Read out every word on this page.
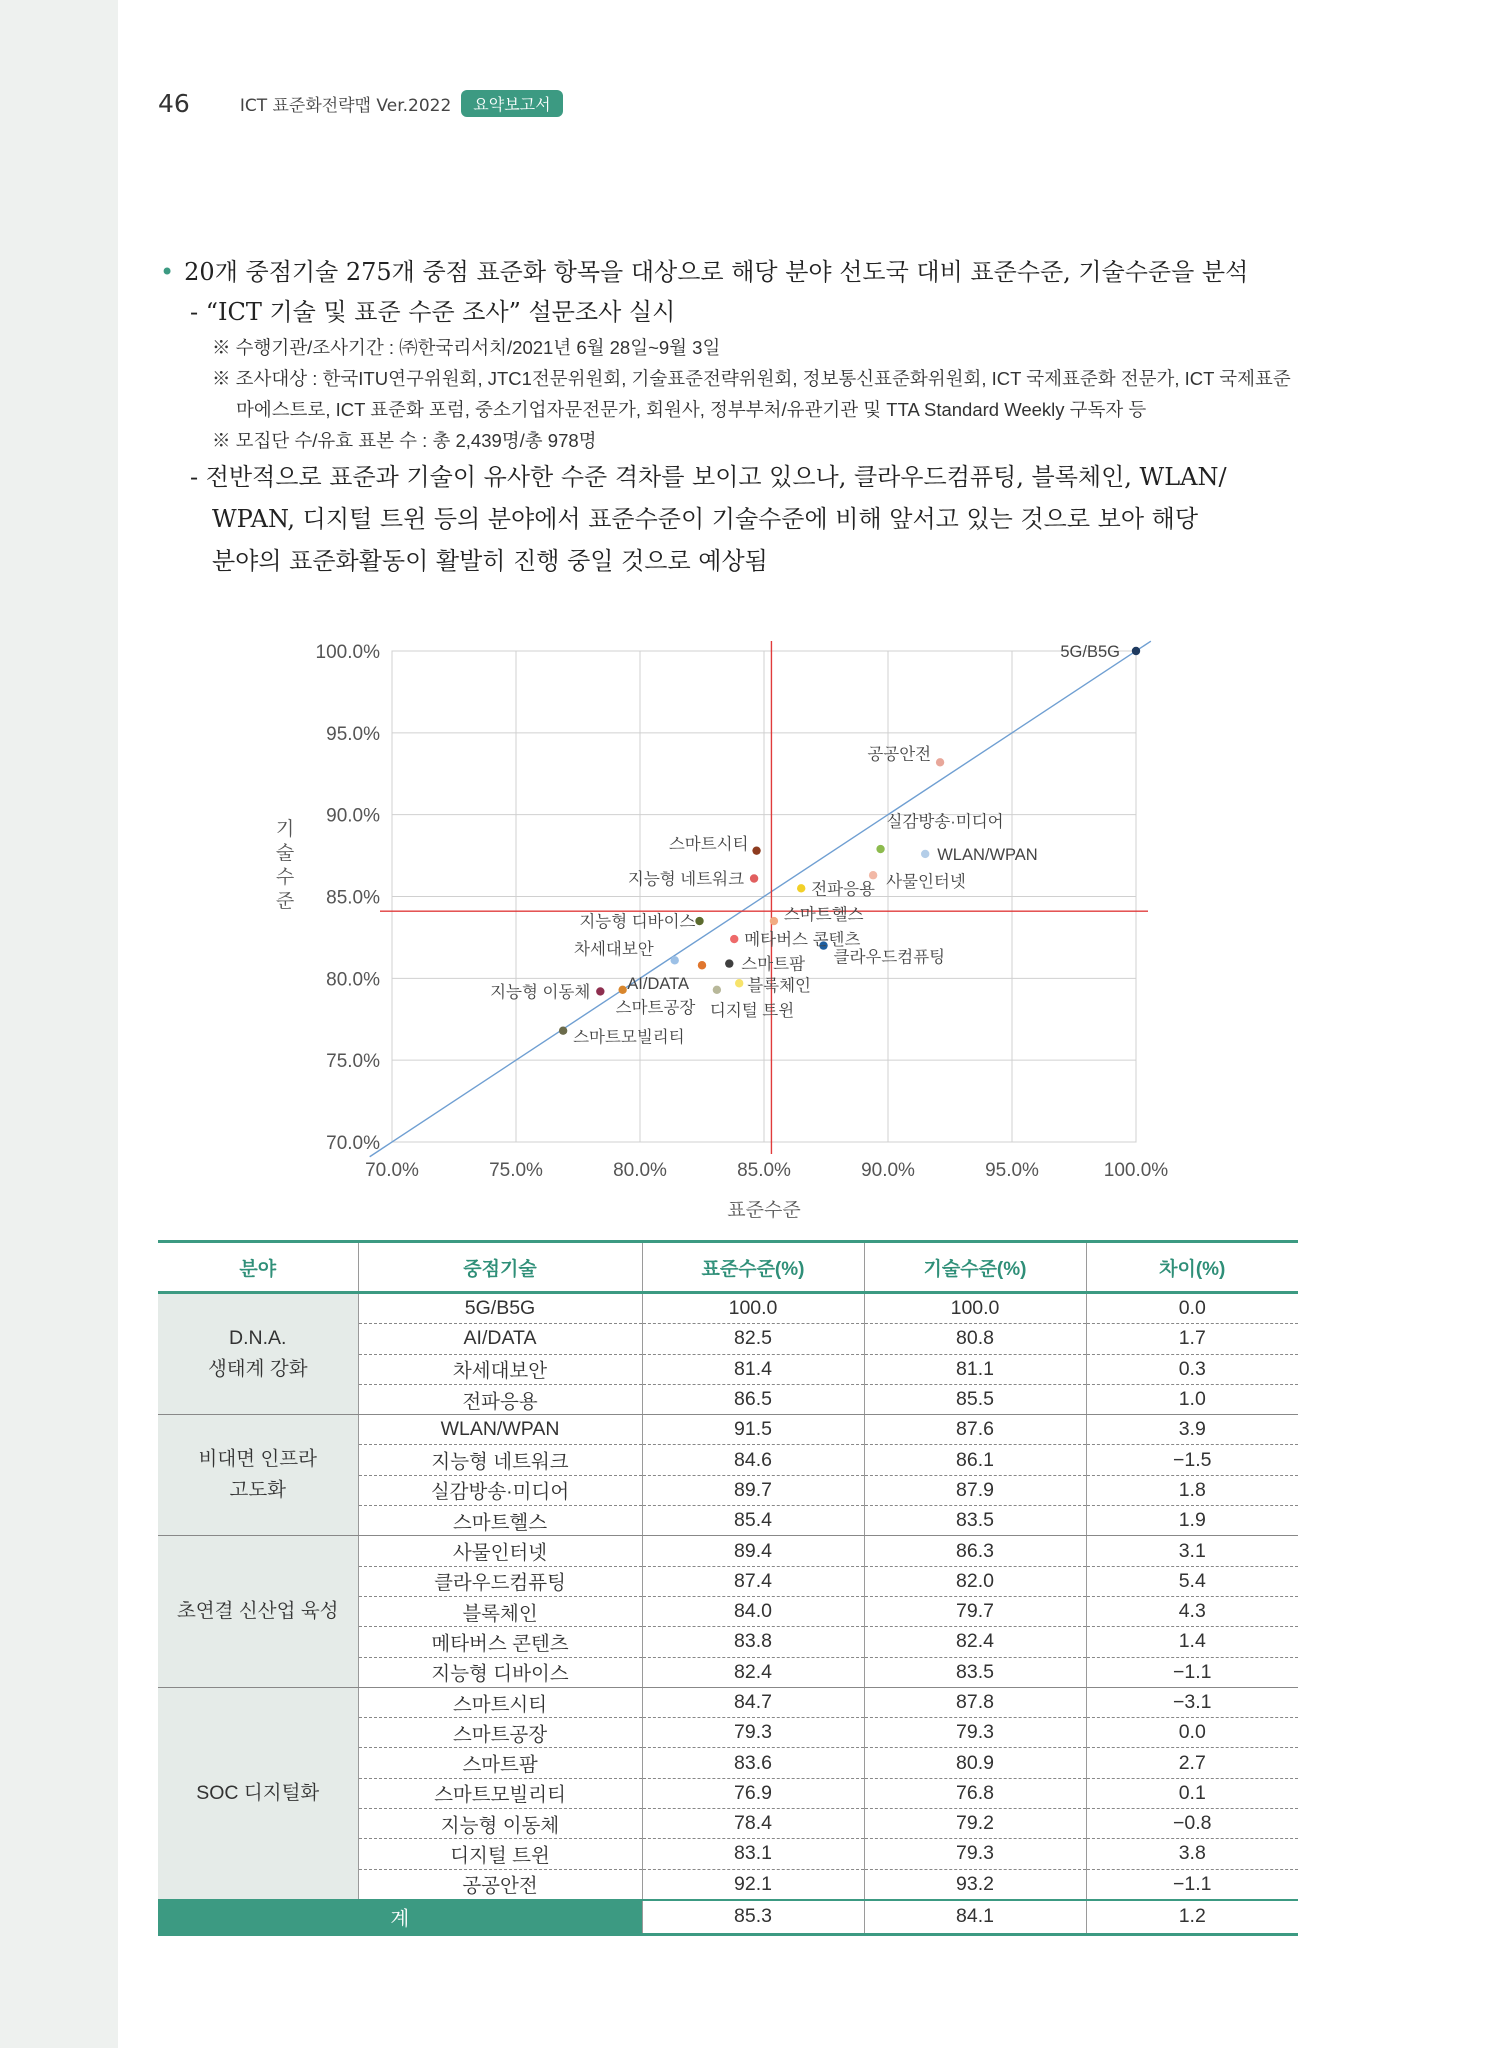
46	ICT 표준화전략맵 Ver.2022	요약보고서
• 20개 중점기술 275개 중점 표준화 항목을 대상으로 해당 분야 선도국 대비 표준수준, 기술수준을 분석
- “ICT 기술 및 표준 수준 조사” 설문조사 실시
※ 수행기관/조사기간 : ㈜한국리서치/2021년 6월 28일~9월 3일
※ 조사대상 : 한국ITU연구위원회, JTC1전문위원회, 기술표준전략위원회, 정보통신표준화위원회, ICT 국제표준화 전문가, ICT 국제표준
마에스트로, ICT 표준화 포럼, 중소기업자문전문가, 회원사, 정부부처/유관기관 및 TTA Standard Weekly 구독자 등
※ 모집단 수/유효 표본 수 : 총 2,439명/총 978명
- 전반적으로 표준과 기술이 유사한 수준 격차를 보이고 있으나, 클라우드컴퓨팅, 블록체인, WLAN/
WPAN, 디지털 트윈 등의 분야에서 표준수준이 기술수준에 비해 앞서고 있는 것으로 보아 해당
분야의 표준화활동이 활발히 진행 중일 것으로 예상됨
70.0%
70.0%
75.0%
75.0%
80.0%
80.0%
85.0%
85.0%
90.0%
90.0%
95.0%
95.0%
100.0%
100.0%	5G/B5G
AI/DATA
차세대보안
전파응용
WLAN/WPAN
지능형 네트워크
실감방송·미디어
스마트헬스
사물인터넷
클라우드컴퓨팅
블록체인
메타버스 콘텐츠
지능형 디바이스
스마트시티
스마트공장
스마트팜
스마트모빌리티
지능형 이동체
디지털 트윈
공공안전
표준수준
기
술
수
준
분야	중점기술	표준수준(%)	기술수준(%)	차이(%)

D.N.A.
생태계 강화	5G/B5G	100.0	100.0	0.0
	AI/DATA	82.5	80.8	1.7
	차세대보안	81.4	81.1	0.3
	전파응용	86.5	85.5	1.0

비대면 인프라
고도화	WLAN/WPAN	91.5	87.6	3.9
	지능형 네트워크	84.6	86.1	−1.5
	실감방송·미디어	89.7	87.9	1.8
	스마트헬스	85.4	83.5	1.9

초연결 신산업 육성	사물인터넷	89.4	86.3	3.1
	클라우드컴퓨팅	87.4	82.0	5.4
	블록체인	84.0	79.7	4.3
	메타버스 콘텐츠	83.8	82.4	1.4
	지능형 디바이스	82.4	83.5	−1.1

SOC 디지털화	스마트시티	84.7	87.8	−3.1
	스마트공장	79.3	79.3	0.0
	스마트팜	83.6	80.9	2.7
	스마트모빌리티	76.9	76.8	0.1
	지능형 이동체	78.4	79.2	−0.8
	디지털 트윈	83.1	79.3	3.8
	공공안전	92.1	93.2	−1.1
계		85.3	84.1	1.2
